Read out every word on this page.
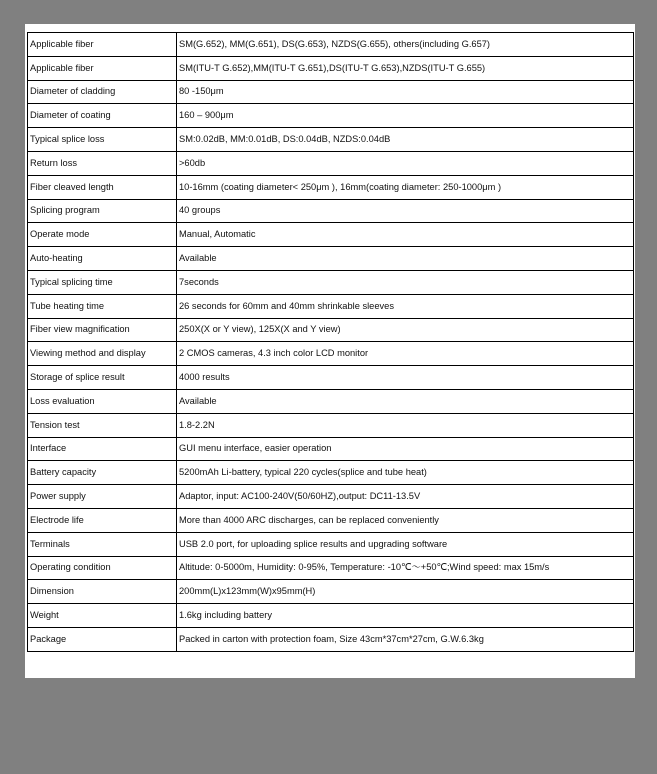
Applicable fiber	SM(G.652), MM(G.651), DS(G.653), NZDS(G.655), others(including G.657)
Applicable fiber	SM(ITU-T G.652),MM(ITU-T G.651),DS(ITU-T G.653),NZDS(ITU-T G.655)
Diameter of cladding	80 -150μm
Diameter of coating	160 – 900μm
Typical splice loss	SM:0.02dB, MM:0.01dB, DS:0.04dB, NZDS:0.04dB
Return loss	>60db
Fiber cleaved length	10-16mm (coating diameter< 250μm ), 16mm(coating diameter: 250-1000μm )
Splicing program	40 groups
Operate mode	Manual, Automatic
Auto-heating	Available
Typical splicing time	7seconds
Tube heating time	26 seconds for 60mm and 40mm shrinkable sleeves
Fiber view magnification	250X(X or Y view), 125X(X and Y view)
Viewing method and display	2 CMOS cameras, 4.3 inch color LCD monitor
Storage of splice result	4000 results
Loss evaluation	Available
Tension test	1.8-2.2N
Interface	GUI menu interface, easier operation
Battery capacity	5200mAh Li-battery, typical 220 cycles(splice and tube heat)
Power supply	Adaptor, input: AC100-240V(50/60HZ),output: DC11-13.5V
Electrode life	More than 4000 ARC discharges, can be replaced conveniently
Terminals	USB 2.0 port, for uploading splice results and upgrading software
Operating condition	Altitude: 0-5000m, Humidity: 0-95%, Temperature: -10℃～+50℃;Wind speed: max 15m/s
Dimension	200mm(L)x123mm(W)x95mm(H)
Weight	1.6kg including battery
Package	Packed in carton with protection foam, Size 43cm*37cm*27cm, G.W.6.3kg
